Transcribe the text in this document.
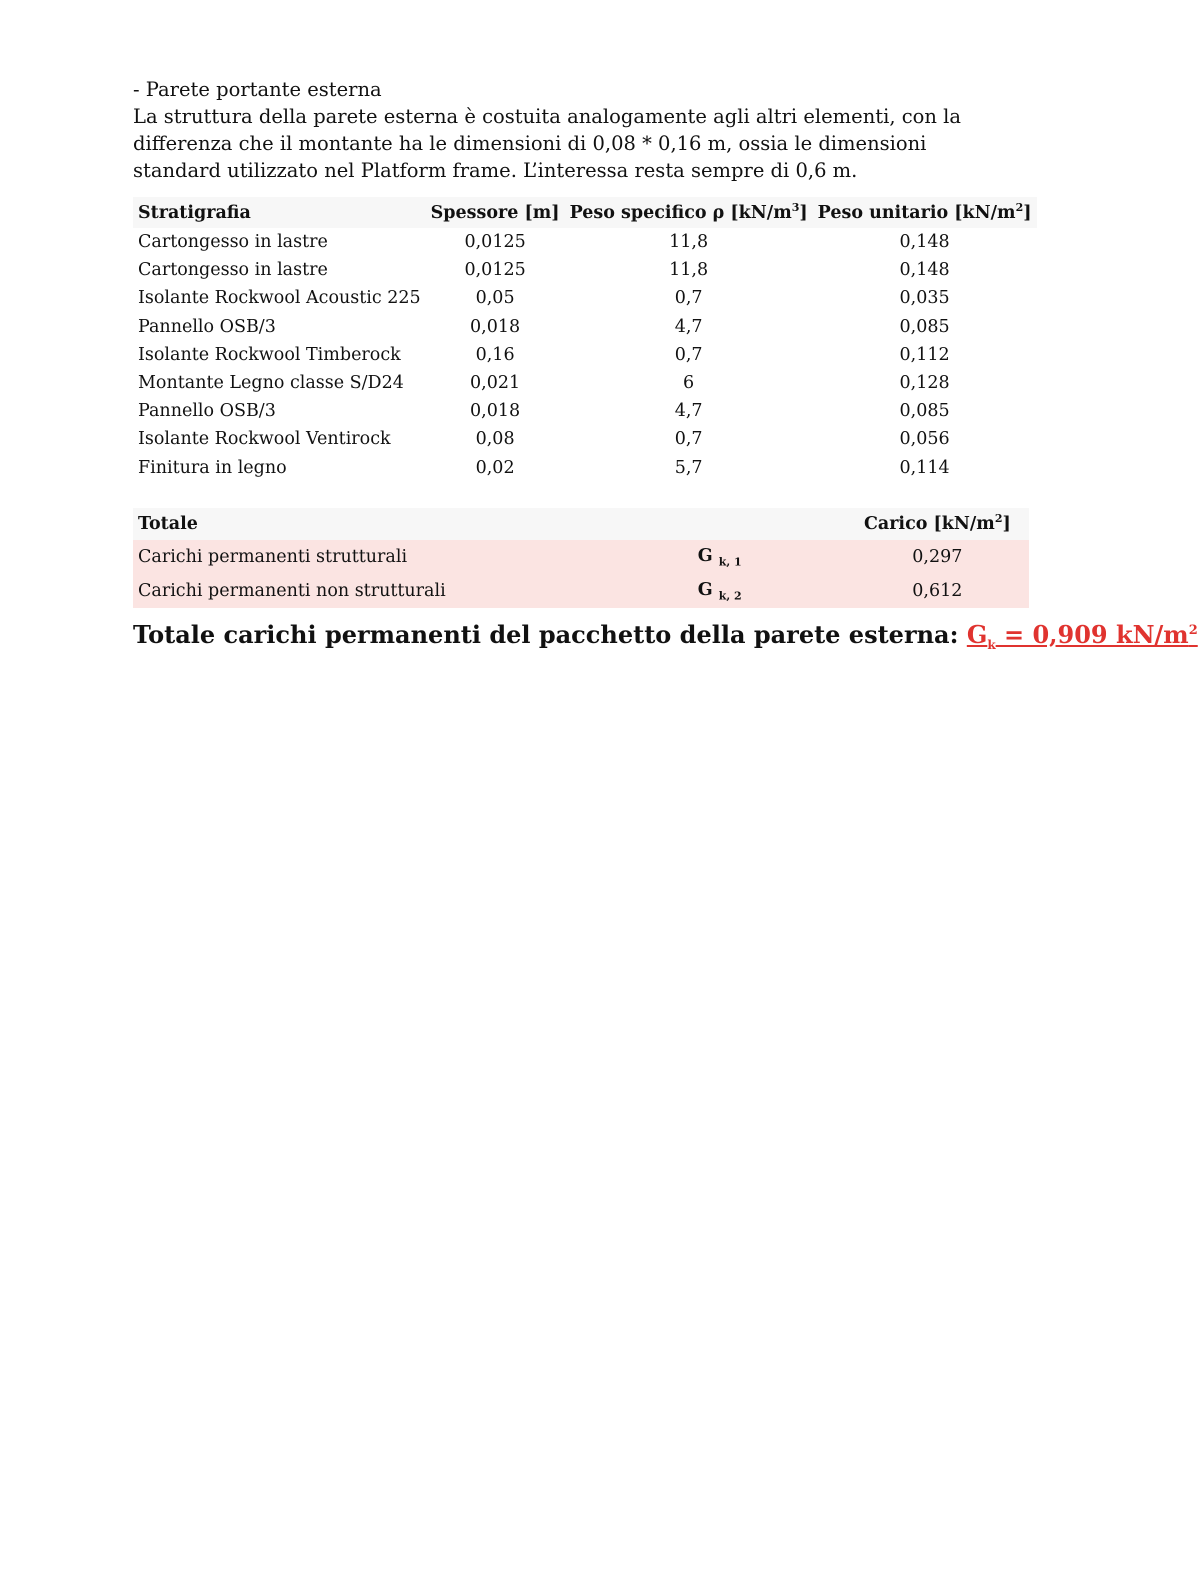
- Parete portante esterna

La struttura della parete esterna è costuita analogamente agli altri elementi, con la differenza che il montante ha le dimensioni di 0,08 * 0,16 m, ossia le dimensioni standard utilizzato nel Platform frame. L’interessa resta sempre di 0,6 m.

Stratigrafia	Spessore [m]	Peso specifico ρ $[kN/m^3]$	Peso unitario $[kN/m^2]$
Cartongesso in lastre	0,0125	11,8	0,148
Cartongesso in lastre	0,0125	11,8	0,148
Isolante Rockwool Acoustic 225	0,05	0,7	0,035
Pannello OSB/3	0,018	4,7	0,085
Isolante Rockwool Timberock	0,16	0,7	0,112
Montante Legno classe S/D24	0,021	6	0,128
Pannello OSB/3	0,018	4,7	0,085
Isolante Rockwool Ventirock	0,08	0,7	0,056
Finitura in legno	0,02	5,7	0,114
Totale			Carico $[kN/m^2]$
Carichi permanenti strutturali		G $_{k, 1}$	0,297
Carichi permanenti non strutturali		G $_{k, 2}$	0,612
Totale carichi permanenti del pacchetto della parete esterna: $G_k = 0,909$ $kN/m^2$
